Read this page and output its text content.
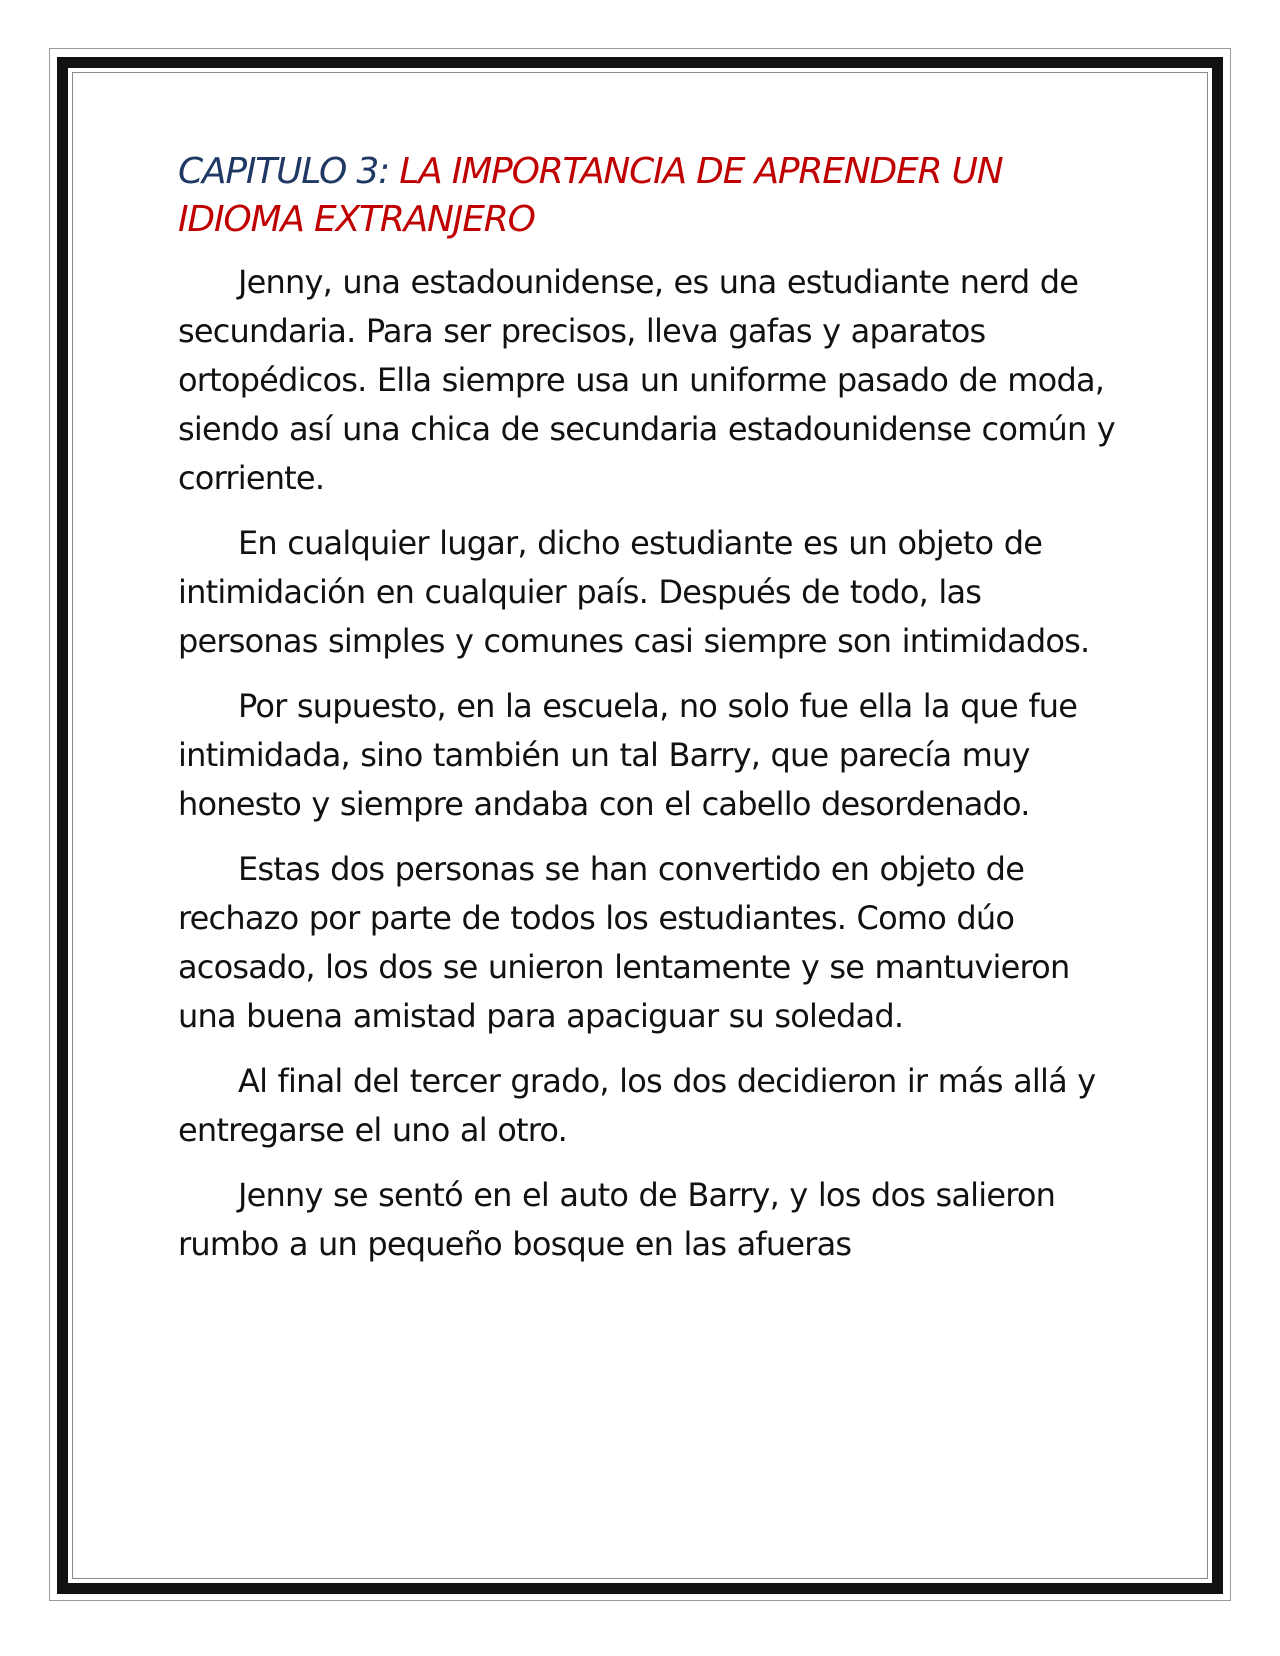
CAPITULO 3: LA IMPORTANCIA DE APRENDER UN IDIOMA EXTRANJERO

Jenny, una estadounidense, es una estudiante nerd de secundaria. Para ser precisos, lleva gafas y aparatos ortopédicos. Ella siempre usa un uniforme pasado de moda, siendo así una chica de secundaria estadounidense común y corriente.

En cualquier lugar, dicho estudiante es un objeto de intimidación en cualquier país. Después de todo, las personas simples y comunes casi siempre son intimidados.

Por supuesto, en la escuela, no solo fue ella la que fue intimidada, sino también un tal Barry, que parecía muy honesto y siempre andaba con el cabello desordenado.

Estas dos personas se han convertido en objeto de rechazo por parte de todos los estudiantes. Como dúo acosado, los dos se unieron lentamente y se mantuvieron una buena amistad para apaciguar su soledad.

Al final del tercer grado, los dos decidieron ir más allá y entregarse el uno al otro.

Jenny se sentó en el auto de Barry, y los dos salieron rumbo a un pequeño bosque en las afueras
